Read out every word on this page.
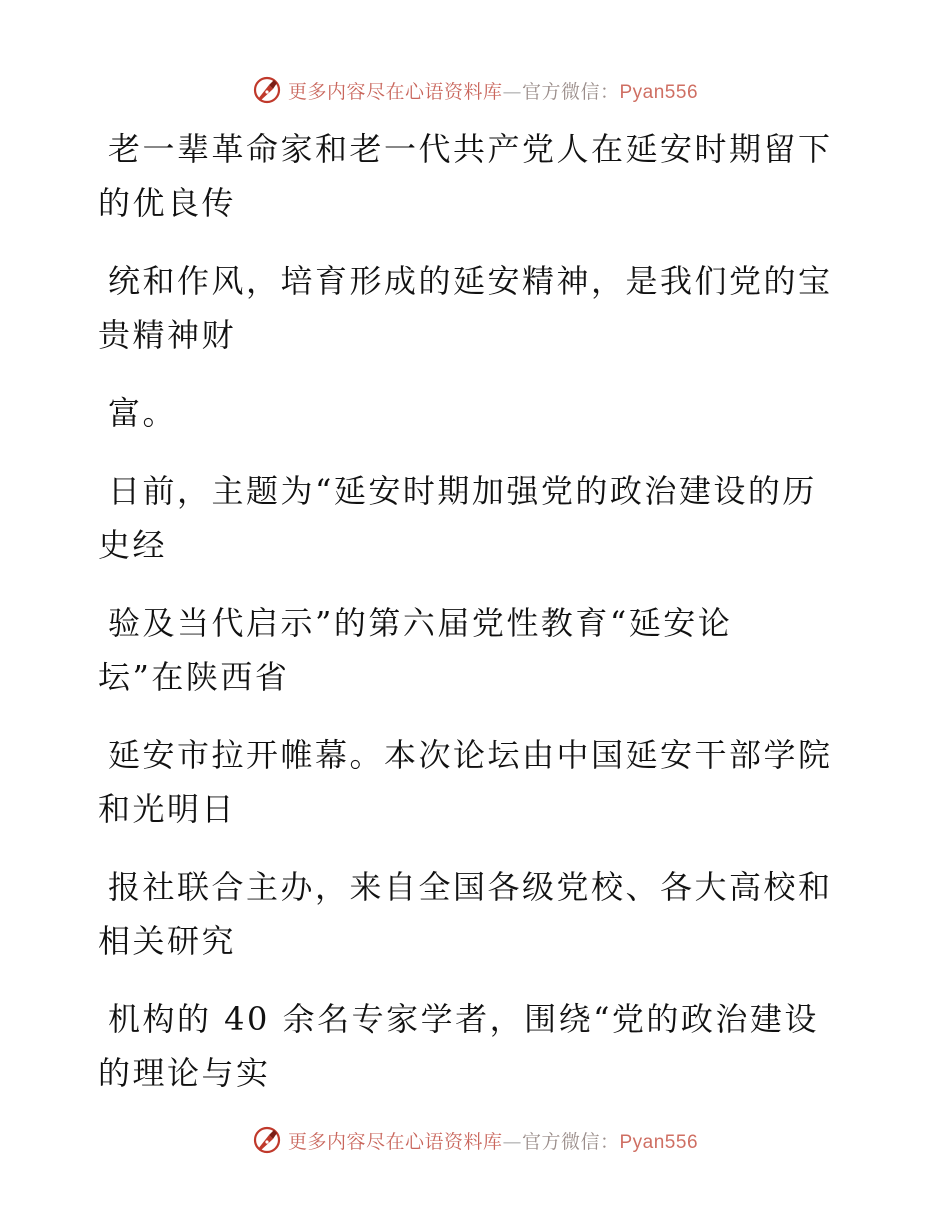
更多内容尽在心语资料库—官方微信：Pyan556

老一辈革命家和老一代共产党人在延安时期留下
的优良传

统和作风，培育形成的延安精神，是我们党的宝
贵精神财

富。

日前，主题为“延安时期加强党的政治建设的历
史经

验及当代启示”的第六届党性教育“延安论
坛”在陕西省

延安市拉开帷幕。本次论坛由中国延安干部学院
和光明日

报社联合主办，来自全国各级党校、各大高校和
相关研究

机构的 40 余名专家学者，围绕“党的政治建设
的理论与实

更多内容尽在心语资料库—官方微信：Pyan556
